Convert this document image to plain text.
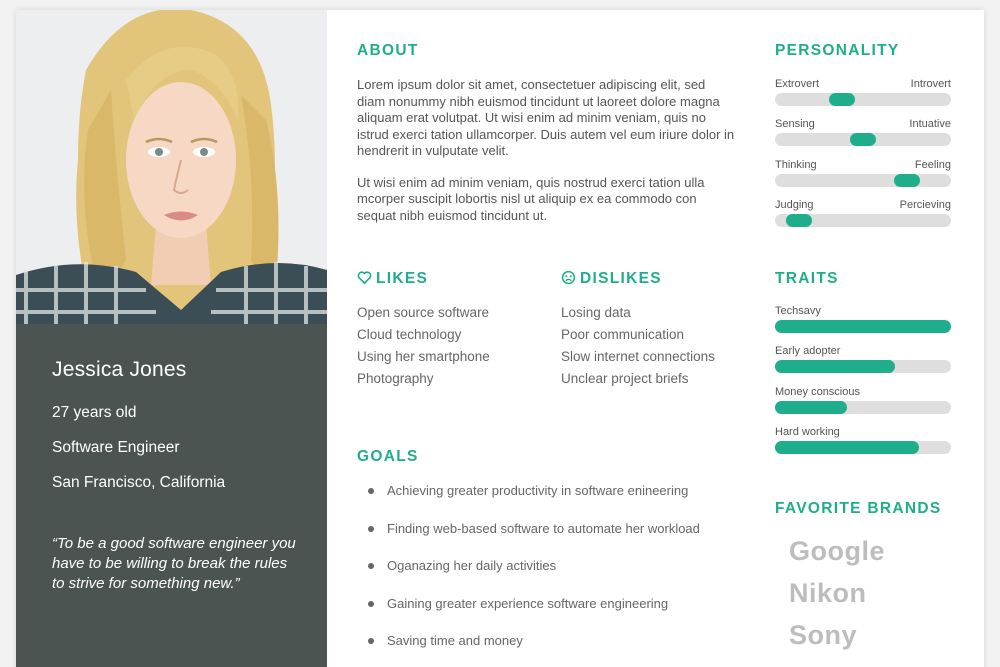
Jessica Jones
27 years old
Software Engineer
San Francisco, California
“To be a good software engineer you have to be willing to break the rules to strive for something new.”
ABOUT

Lorem ipsum dolor sit amet, consectetuer adipiscing elit, sed diam nonummy nibh euismod tincidunt ut laoreet dolore magna aliquam erat volutpat. Ut wisi enim ad minim veniam, quis no istrud exerci tation ullamcorper. Duis autem vel eum iriure dolor in hendrerit in vulputate velit.

Ut wisi enim ad minim veniam, quis nostrud exerci tation ulla mcorper suscipit lobortis nisl ut aliquip ex ea commodo con sequat nibh euismod tincidunt ut.

LIKES
Open source software
Cloud technology
Using her smartphone
Photography
DISLIKES
Losing data
Poor communication
Slow internet connections
Unclear project briefs
GOALS
Achieving greater productivity in software enineering
Finding web-based software to automate her workload
Oganazing her daily activities
Gaining greater experience software engineering
Saving time and money
PERSONALITY
Extrovert	Introvert
Sensing	Intuative
Thinking	Feeling
Judging	Percieving
TRAITS
Techsavy
Early adopter
Money conscious
Hard working
FAVORITE BRANDS
Google
Nikon
Sony
